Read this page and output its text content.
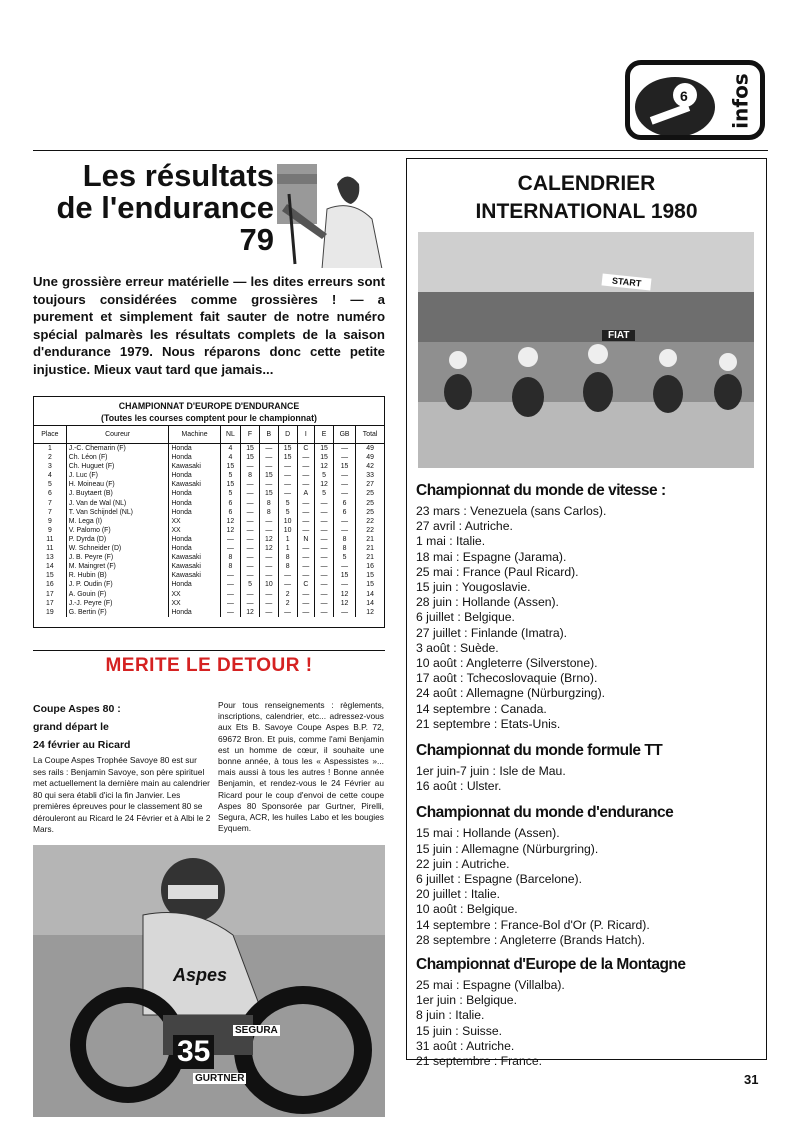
6 infos
Les résultats
de l'endurance
79
Une grossière erreur matérielle — les dites erreurs sont toujours considérées comme grossières ! — a purement et simplement fait sauter de notre numéro spécial palmarès les résultats complets de la saison d'endurance 1979. Nous réparons donc cette petite injustice. Mieux vaut tard que jamais...
CHAMPIONNAT D'EUROPE D'ENDURANCE
(Toutes les courses comptent pour le championnat)
Place	Coureur	Machine	NL	F	B	D	I	E	GB	Total
1	J.-C. Chemarin (F)	Honda	4	15	—	15	C	15	—	49
2	Ch. Léon (F)	Honda	4	15	—	15	—	15	—	49
3	Ch. Huguet (F)	Kawasaki	15	—	—	—	—	12	15	42
4	J. Luc (F)	Honda	5	8	15	—	—	5	—	33
5	H. Moineau (F)	Kawasaki	15	—	—	—	—	12	—	27
6	J. Buytaert (B)	Honda	5	—	15	—	A	5	—	25
7	J. Van de Wal (NL)	Honda	6	—	8	5	—	—	6	25
7	T. Van Schijndel (NL)	Honda	6	—	8	5	—	—	6	25
9	M. Lega (I)	XX	12	—	—	10	—	—	—	22
9	V. Palomo (F)	XX	12	—	—	10	—	—	—	22
11	P. Dyrda (D)	Honda	—	—	12	1	N	—	8	21
11	W. Schneider (D)	Honda	—	—	12	1	—	—	8	21
13	J. B. Peyre (F)	Kawasaki	8	—	—	8	—	—	5	21
14	M. Maingret (F)	Kawasaki	8	—	—	8	—	—	—	16
15	R. Hubin (B)	Kawasaki	—	—	—	—	—	—	15	15
16	J. P. Oudin (F)	Honda	—	5	10	—	C	—	—	15
17	A. Gouin (F)	XX	—	—	—	2	—	—	12	14
17	J.-J. Peyre (F)	XX	—	—	—	2	—	—	12	14
19	G. Bertin (F)	Honda	—	12	—	—	—	—	—	12
MERITE LE DETOUR !
Coupe Aspes 80 :
grand départ le
24 février au Ricard
La Coupe Aspes Trophée Savoye 80 est sur ses rails : Benjamin Savoye, son père spirituel met actuellement la dernière main au calendrier 80 qui sera établi d'ici la fin Janvier. Les premières épreuves pour le classement 80 se dérouleront au Ricard le 24 Février et à Albi le 2 Mars.
Pour tous renseignements : règlements, inscriptions, calendrier, etc... adressez-vous aux Ets B. Savoye Coupe Aspes B.P. 72, 69672 Bron. Et puis, comme l'ami Benjamin est un homme de cœur, il souhaite une bonne année, à tous les « Aspessistes »... mais aussi à tous les autres ! Bonne année Benjamin, et rendez-vous le 24 Février au Ricard pour le coup d'envoi de cette coupe Aspes 80 Sponsorée par Gurtner, Pirelli, Segura, ACR, les huiles Labo et les bougies Eyquem.
Aspes
35
SEGURA
GURTNER
CALENDRIER
INTERNATIONAL 1980
START
FIAT
Championnat du monde de vitesse :
23 mars : Venezuela (sans Carlos).
27 avril : Autriche.
1 mai : Italie.
18 mai : Espagne (Jarama).
25 mai : France (Paul Ricard).
15 juin : Yougoslavie.
28 juin : Hollande (Assen).
6 juillet : Belgique.
27 juillet : Finlande (Imatra).
3 août : Suède.
10 août : Angleterre (Silverstone).
17 août : Tchecoslovaquie (Brno).
24 août : Allemagne (Nürburgzing).
14 septembre : Canada.
21 septembre : Etats-Unis.
Championnat du monde formule TT
1er juin-7 juin : Isle de Mau.
16 août : Ulster.
Championnat du monde d'endurance
15 mai : Hollande (Assen).
15 juin : Allemagne (Nürburgring).
22 juin : Autriche.
6 juillet : Espagne (Barcelone).
20 juillet : Italie.
10 août : Belgique.
14 septembre : France-Bol d'Or (P. Ricard).
28 septembre : Angleterre (Brands Hatch).
Championnat d'Europe de la Montagne
25 mai : Espagne (Villalba).
1er juin : Belgique.
8 juin : Italie.
15 juin : Suisse.
31 août : Autriche.
21 septembre : France.
31
